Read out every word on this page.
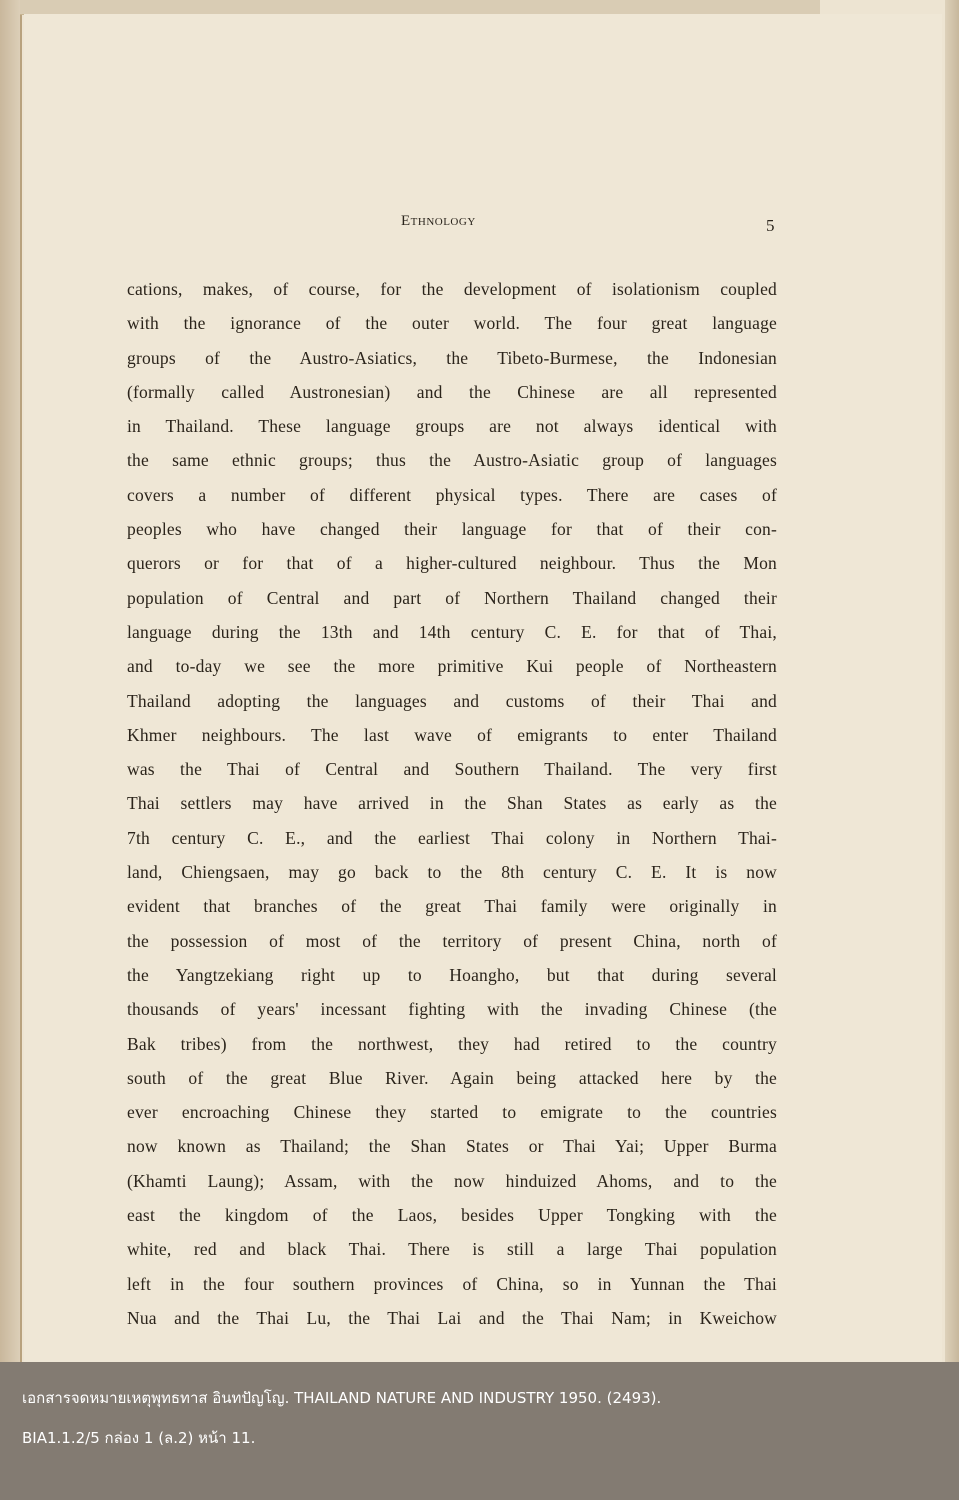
Ethnology	5
cations, makes, of course, for the development of isolationism coupled
with the ignorance of the outer world. The four great language
groups of the Austro-Asiatics, the Tibeto-Burmese, the Indonesian
(formally called Austronesian) and the Chinese are all represented
in Thailand. These language groups are not always identical with
the same ethnic groups; thus the Austro-Asiatic group of languages
covers a number of different physical types. There are cases of
peoples who have changed their language for that of their con-
querors or for that of a higher-cultured neighbour. Thus the Mon
population of Central and part of Northern Thailand changed their
language during the 13th and 14th century C. E. for that of Thai,
and to-day we see the more primitive Kui people of Northeastern
Thailand adopting the languages and customs of their Thai and
Khmer neighbours. The last wave of emigrants to enter Thailand
was the Thai of Central and Southern Thailand. The very first
Thai settlers may have arrived in the Shan States as early as the
7th century C. E., and the earliest Thai colony in Northern Thai-
land, Chiengsaen, may go back to the 8th century C. E. It is now
evident that branches of the great Thai family were originally in
the possession of most of the territory of present China, north of
the Yangtzekiang right up to Hoangho, but that during several
thousands of years' incessant fighting with the invading Chinese (the
Bak tribes) from the northwest, they had retired to the country
south of the great Blue River. Again being attacked here by the
ever encroaching Chinese they started to emigrate to the countries
now known as Thailand; the Shan States or Thai Yai; Upper Burma
(Khamti Laung); Assam, with the now hinduized Ahoms, and to the
east the kingdom of the Laos, besides Upper Tongking with the
white, red and black Thai. There is still a large Thai population
left in the four southern provinces of China, so in Yunnan the Thai
Nua and the Thai Lu, the Thai Lai and the Thai Nam; in Kweichow
เอกสารจดหมายเหตุพุทธทาส อินทปัญโญ. THAILAND NATURE AND INDUSTRY 1950. (2493).
BIA1.1.2/5 กล่อง 1 (ล.2) หน้า 11.
